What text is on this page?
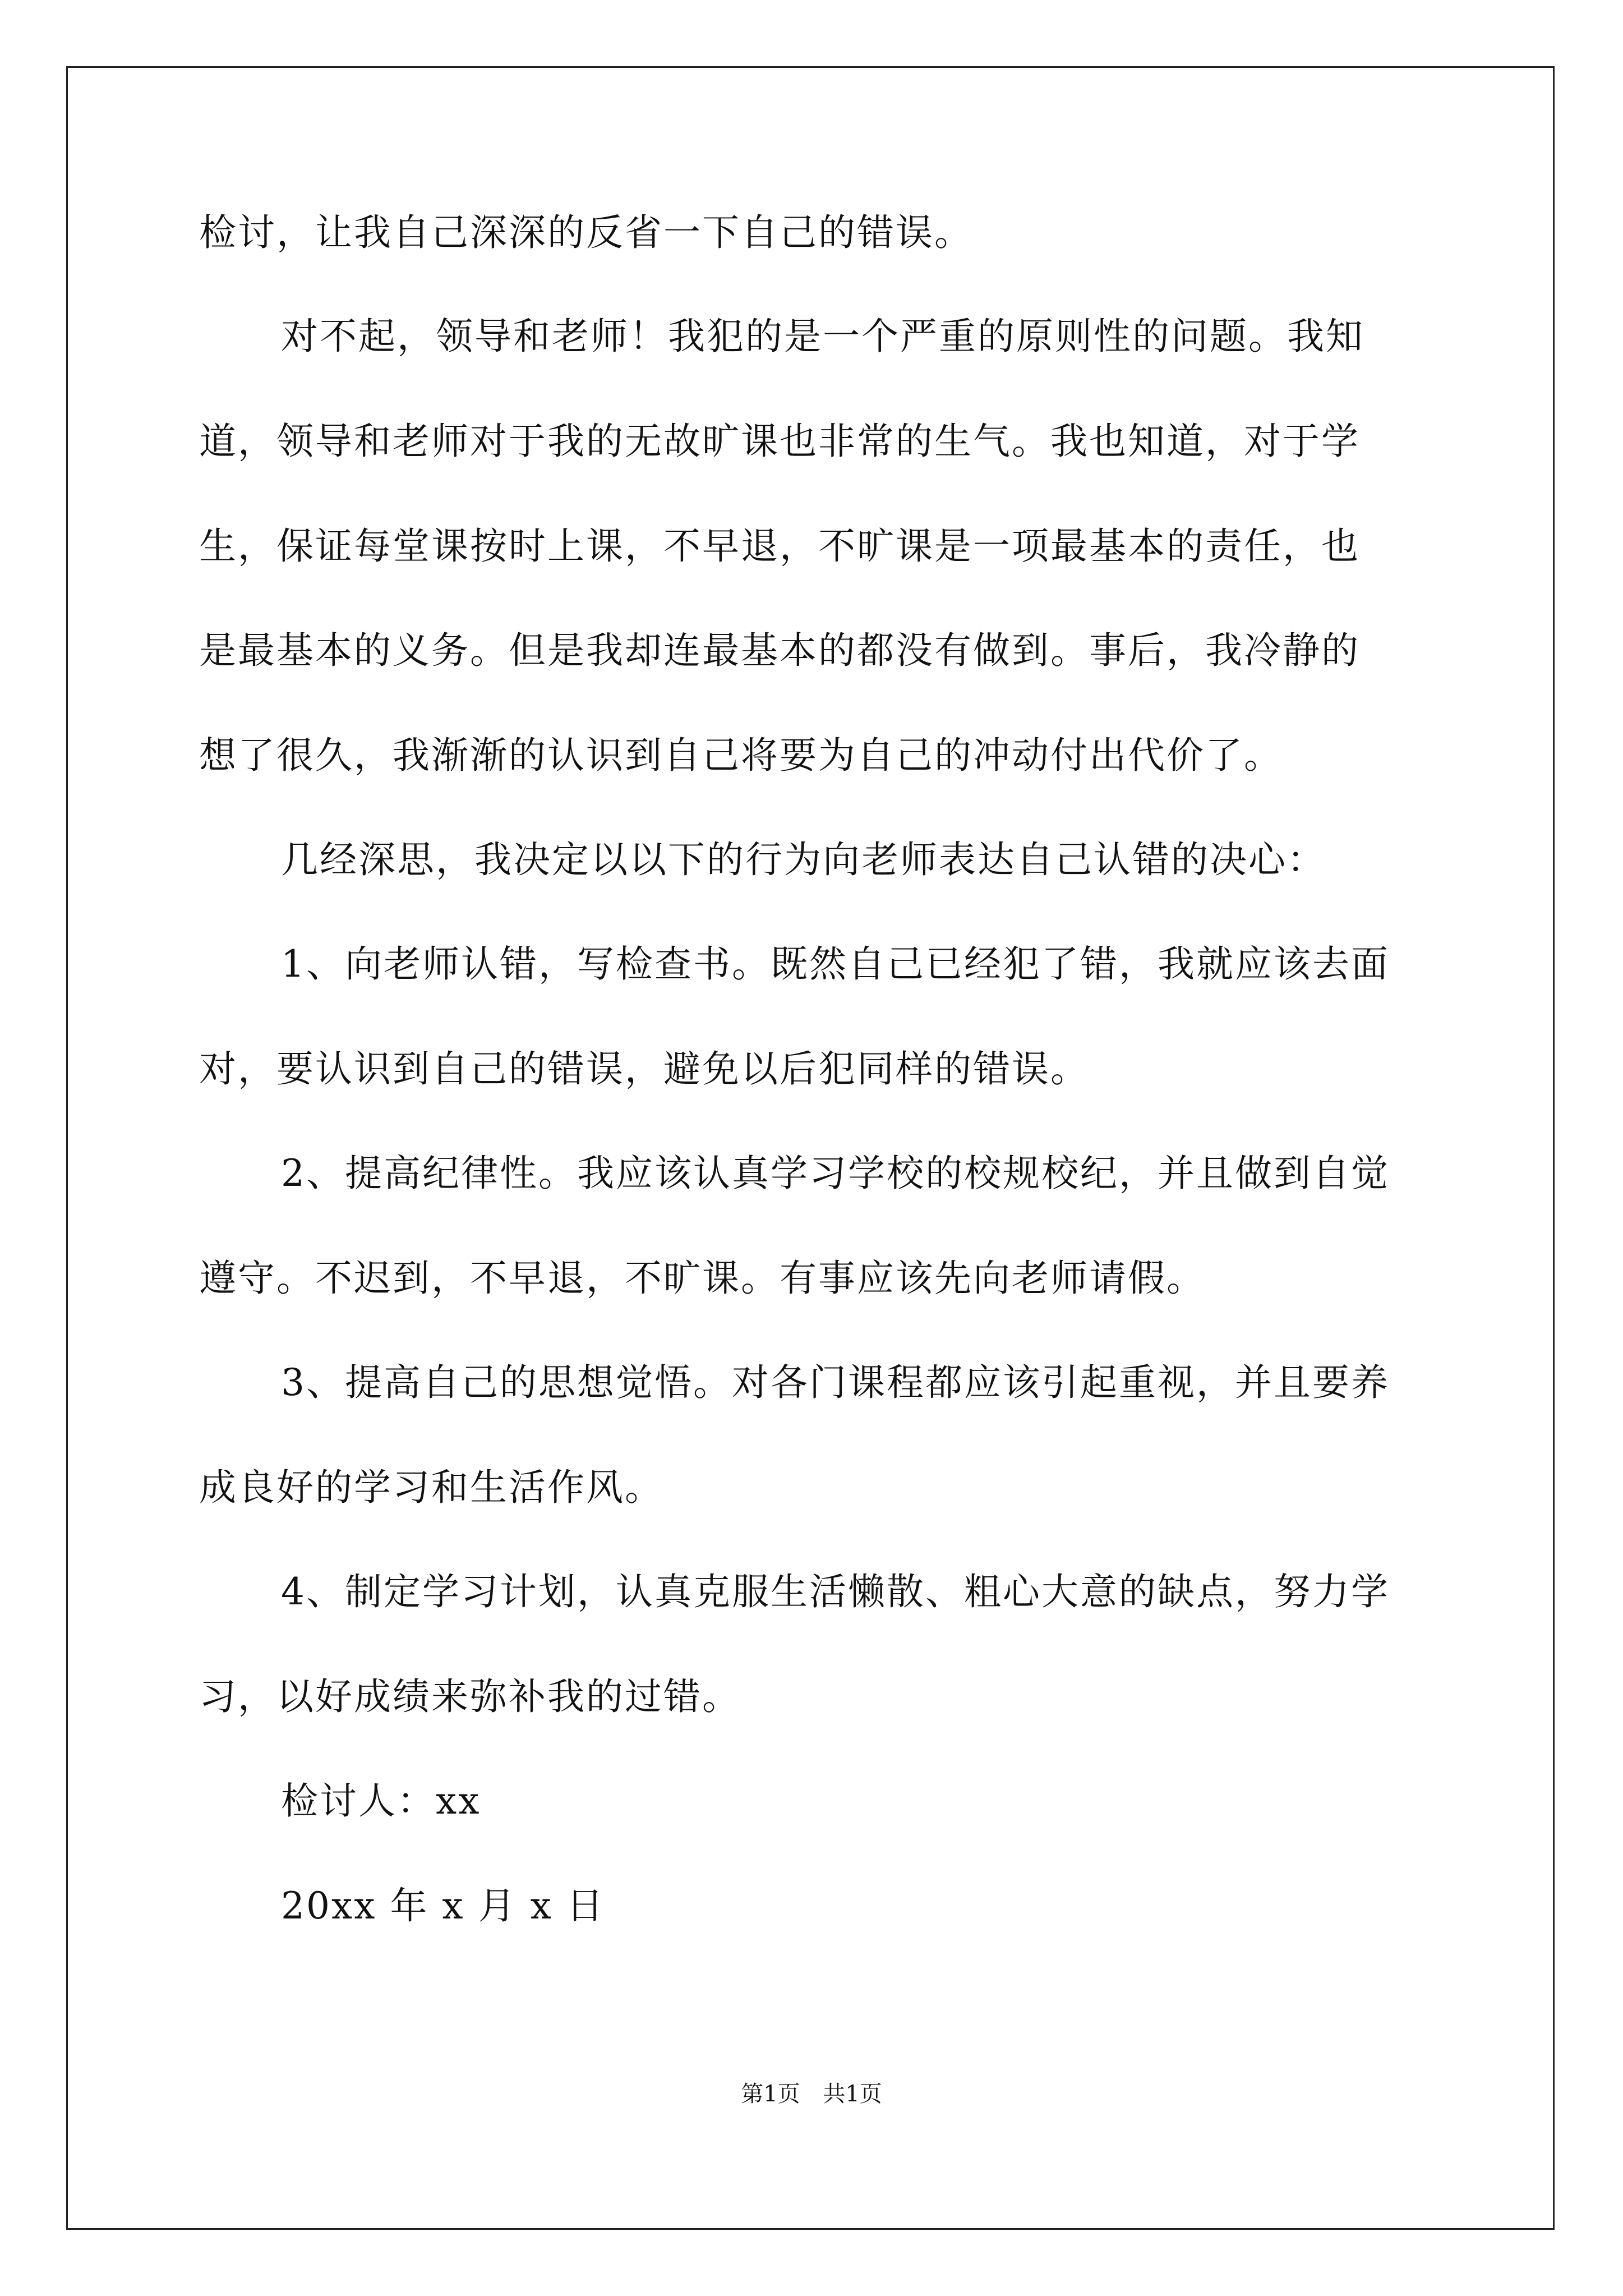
检讨，让我自己深深的反省一下自己的错误。
对不起，领导和老师！我犯的是一个严重的原则性的问题。我知
道，领导和老师对于我的无故旷课也非常的生气。我也知道，对于学
生，保证每堂课按时上课，不早退，不旷课是一项最基本的责任，也
是最基本的义务。但是我却连最基本的都没有做到。事后，我冷静的
想了很久，我渐渐的认识到自己将要为自己的冲动付出代价了。
几经深思，我决定以以下的行为向老师表达自己认错的决心：
1、向老师认错，写检查书。既然自己已经犯了错，我就应该去面
对，要认识到自己的错误，避免以后犯同样的错误。
2、提高纪律性。我应该认真学习学校的校规校纪，并且做到自觉
遵守。不迟到，不早退，不旷课。有事应该先向老师请假。
3、提高自己的思想觉悟。对各门课程都应该引起重视，并且要养
成良好的学习和生活作风。
4、制定学习计划，认真克服生活懒散、粗心大意的缺点，努力学
习，以好成绩来弥补我的过错。
检讨人：xx
20xx 年 x 月 x 日
第1页 共1页
